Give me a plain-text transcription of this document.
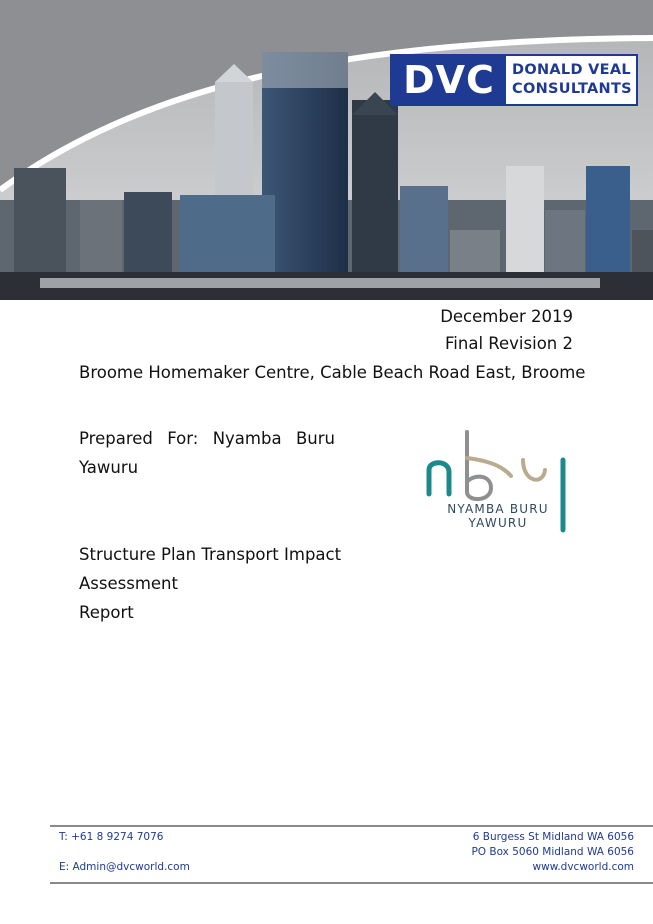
DVC	DONALD VEAL
CONSULTANTS
December 2019
Final Revision 2
Broome Homemaker Centre, Cable Beach Road East, Broome
Prepared For: Nyamba Buru
Yawuru
NYAMBA BURU
YAWURU
Structure Plan Transport Impact
Assessment
Report
T: +61 8 9274 7076
E: Admin@dvcworld.com
6 Burgess St Midland WA 6056
PO Box 5060 Midland WA 6056
www.dvcworld.com
